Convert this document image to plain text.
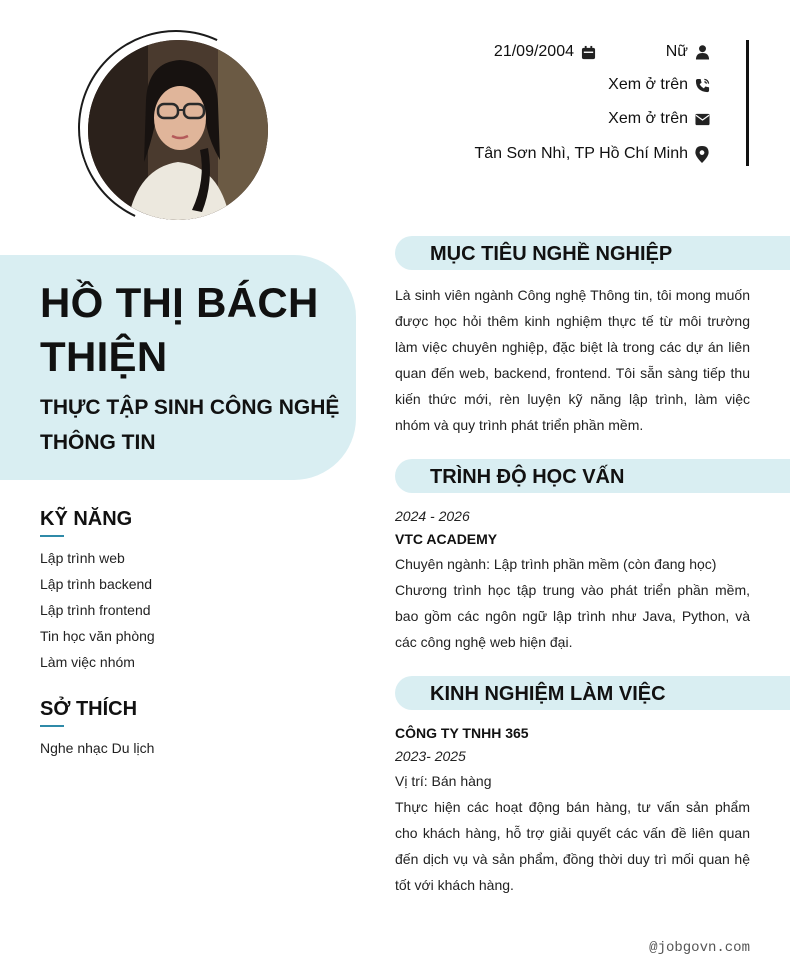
21/09/2004	Nữ
Xem ở trên
Xem ở trên
Tân Sơn Nhì, TP Hồ Chí Minh
HỒ THỊ BÁCH THIỆN
THỰC TẬP SINH CÔNG NGHỆ THÔNG TIN
KỸ NĂNG
Lập trình web
Lập trình backend
Lập trình frontend
Tin học văn phòng
Làm việc nhóm
SỞ THÍCH
Nghe nhạc Du lịch
MỤC TIÊU NGHỀ NGHIỆP
Là sinh viên ngành Công nghệ Thông tin, tôi mong muốn được học hỏi thêm kinh nghiệm thực tế từ môi trường làm việc chuyên nghiệp, đặc biệt là trong các dự án liên quan đến web, backend, frontend. Tôi sẵn sàng tiếp thu kiến thức mới, rèn luyện kỹ năng lập trình, làm việc nhóm và quy trình phát triển phần mềm.
TRÌNH ĐỘ HỌC VẤN
2024 - 2026
VTC ACADEMY
Chuyên ngành: Lập trình phần mềm (còn đang học)
Chương trình học tập trung vào phát triển phần mềm, bao gồm các ngôn ngữ lập trình như Java, Python, và các công nghệ web hiện đại.
KINH NGHIỆM LÀM VIỆC
CÔNG TY TNHH 365
2023- 2025
Vị trí: Bán hàng
Thực hiện các hoạt động bán hàng, tư vấn sản phẩm cho khách hàng, hỗ trợ giải quyết các vấn đề liên quan đến dịch vụ và sản phẩm, đồng thời duy trì mối quan hệ tốt với khách hàng.
@jobgovn.com
